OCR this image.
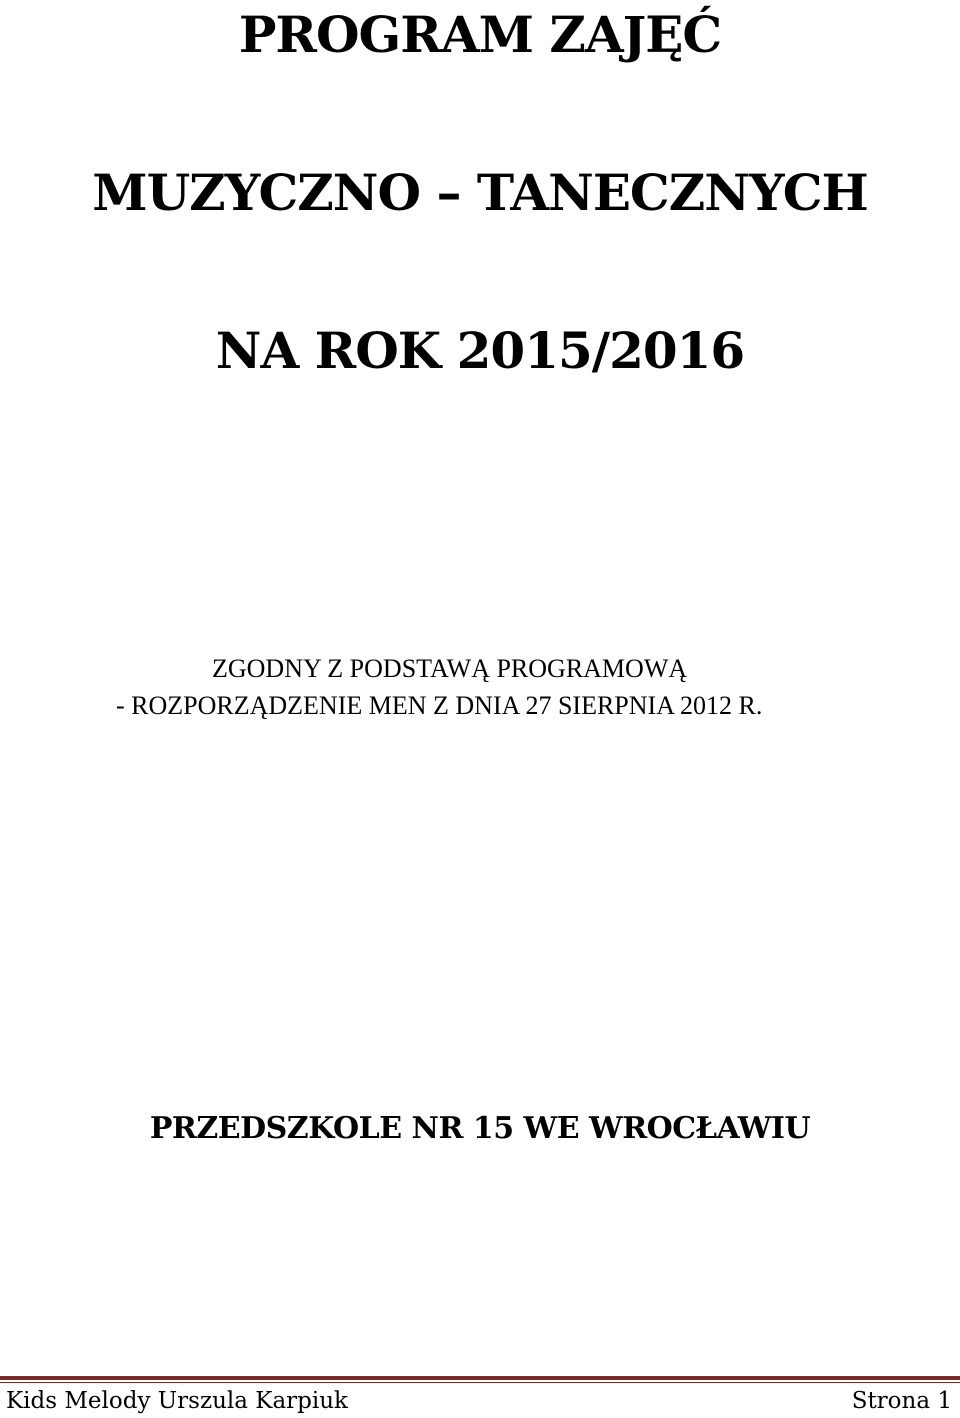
PROGRAM ZAJĘĆ
MUZYCZNO – TANECZNYCH
NA ROK 2015/2016
ZGODNY Z PODSTAWĄ PROGRAMOWĄ
- ROZPORZĄDZENIE MEN Z DNIA 27 SIERPNIA 2012 R.
PRZEDSZKOLE NR 15 WE WROCŁAWIU
Kids Melody Urszula Karpiuk	Strona 1
